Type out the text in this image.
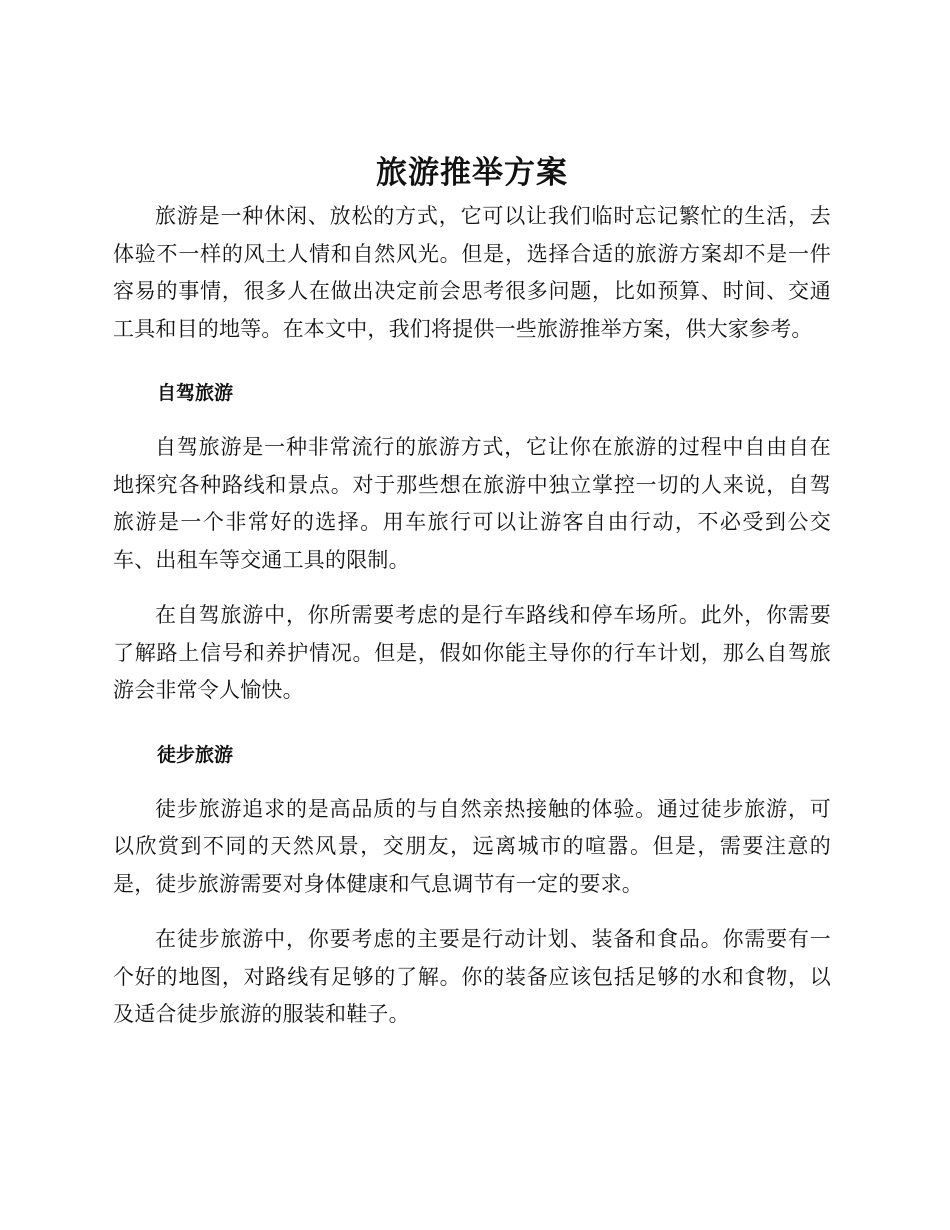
旅游推举方案

旅游是一种休闲、放松的方式，它可以让我们临时忘记繁忙的生活，去体验不一样的风土人情和自然风光。但是，选择合适的旅游方案却不是一件容易的事情，很多人在做出决定前会思考很多问题，比如预算、时间、交通工具和目的地等。在本文中，我们将提供一些旅游推举方案，供大家参考。

自驾旅游

自驾旅游是一种非常流行的旅游方式，它让你在旅游的过程中自由自在地探究各种路线和景点。对于那些想在旅游中独立掌控一切的人来说，自驾旅游是一个非常好的选择。用车旅行可以让游客自由行动，不必受到公交车、出租车等交通工具的限制。

在自驾旅游中，你所需要考虑的是行车路线和停车场所。此外，你需要了解路上信号和养护情况。但是，假如你能主导你的行车计划，那么自驾旅游会非常令人愉快。

徒步旅游

徒步旅游追求的是高品质的与自然亲热接触的体验。通过徒步旅游，可以欣赏到不同的天然风景，交朋友，远离城市的喧嚣。但是，需要注意的是，徒步旅游需要对身体健康和气息调节有一定的要求。

在徒步旅游中，你要考虑的主要是行动计划、装备和食品。你需要有一个好的地图，对路线有足够的了解。你的装备应该包括足够的水和食物，以及适合徒步旅游的服装和鞋子。
